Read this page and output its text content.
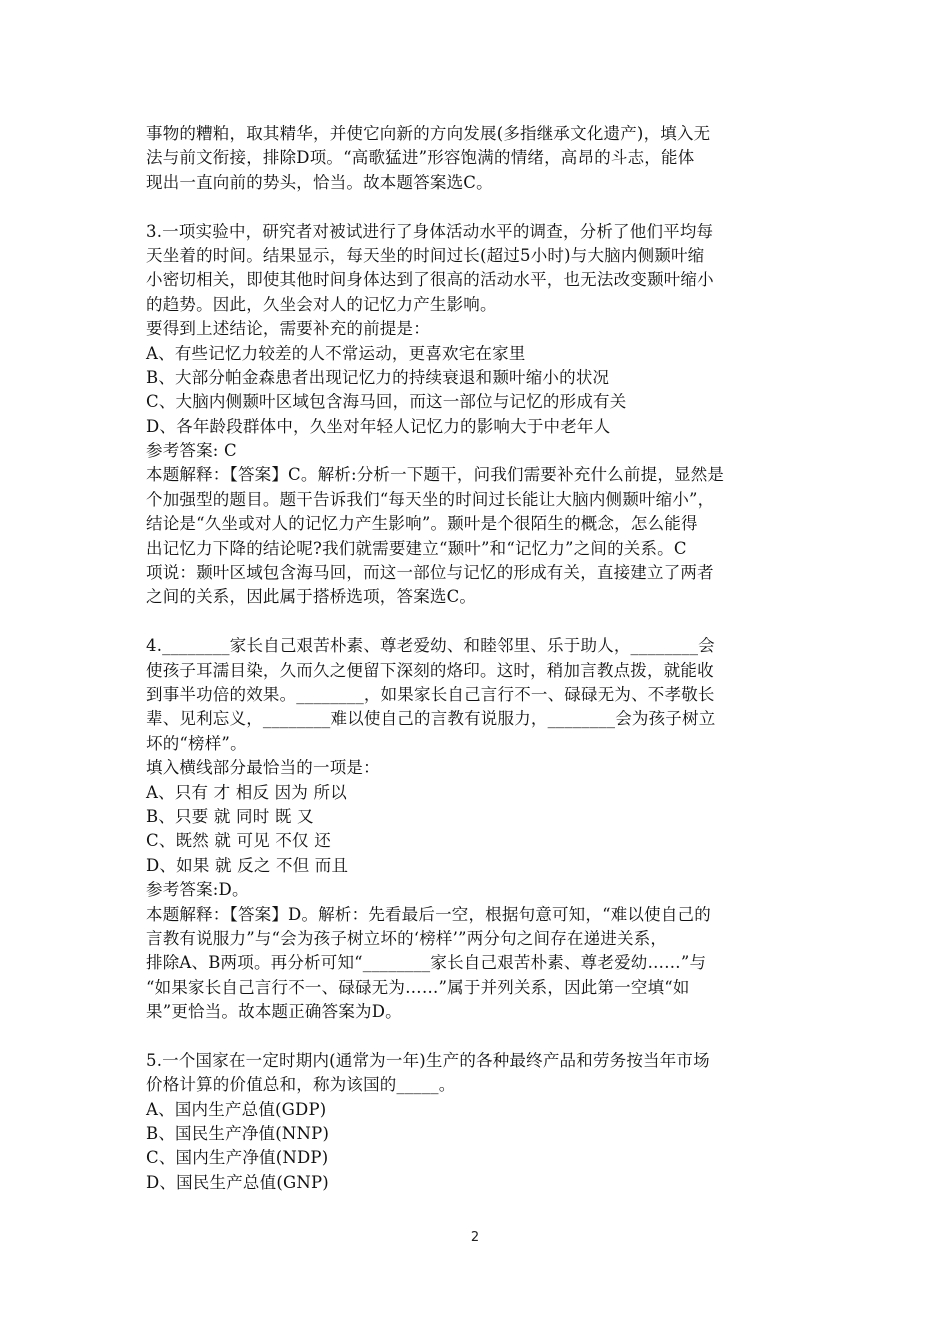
事物的糟粕，取其精华，并使它向新的方向发展(多指继承文化遗产)，填入无
法与前文衔接，排除D项。“高歌猛进”形容饱满的情绪，高昂的斗志，能体
现出一直向前的势头，恰当。故本题答案选C。
3.一项实验中，研究者对被试进行了身体活动水平的调查，分析了他们平均每
天坐着的时间。结果显示，每天坐的时间过长(超过5小时)与大脑内侧颞叶缩
小密切相关，即使其他时间身体达到了很高的活动水平，也无法改变颞叶缩小
的趋势。因此，久坐会对人的记忆力产生影响。
要得到上述结论，需要补充的前提是：
A、有些记忆力较差的人不常运动，更喜欢宅在家里
B、大部分帕金森患者出现记忆力的持续衰退和颞叶缩小的状况
C、大脑内侧颞叶区域包含海马回，而这一部位与记忆的形成有关
D、各年龄段群体中，久坐对年轻人记忆力的影响大于中老年人
参考答案: C
本题解释：【答案】C。解析:分析一下题干，问我们需要补充什么前提，显然是
个加强型的题目。题干告诉我们“每天坐的时间过长能让大脑内侧颞叶缩小”，
结论是“久坐或对人的记忆力产生影响”。颞叶是个很陌生的概念，怎么能得
出记忆力下降的结论呢?我们就需要建立“颞叶”和“记忆力”之间的关系。C
项说：颞叶区域包含海马回，而这一部位与记忆的形成有关，直接建立了两者
之间的关系，因此属于搭桥选项，答案选C。
4.________家长自己艰苦朴素、尊老爱幼、和睦邻里、乐于助人，________会
使孩子耳濡目染，久而久之便留下深刻的烙印。这时，稍加言教点拨，就能收
到事半功倍的效果。________，如果家长自己言行不一、碌碌无为、不孝敬长
辈、见利忘义，________难以使自己的言教有说服力，________会为孩子树立
坏的“榜样”。
填入横线部分最恰当的一项是：
A、只有 才 相反 因为 所以
B、只要 就 同时 既 又
C、既然 就 可见 不仅 还
D、如果 就 反之 不但 而且
参考答案:D。
本题解释：【答案】D。解析：先看最后一空，根据句意可知，“难以使自己的
言教有说服力”与“会为孩子树立坏的‘榜样’”两分句之间存在递进关系，
排除A、B两项。再分析可知“________家长自己艰苦朴素、尊老爱幼……”与
“如果家长自己言行不一、碌碌无为……”属于并列关系，因此第一空填“如
果”更恰当。故本题正确答案为D。
5.一个国家在一定时期内(通常为一年)生产的各种最终产品和劳务按当年市场
价格计算的价值总和，称为该国的_____。
A、国内生产总值(GDP)
B、国民生产净值(NNP)
C、国内生产净值(NDP)
D、国民生产总值(GNP)
2
